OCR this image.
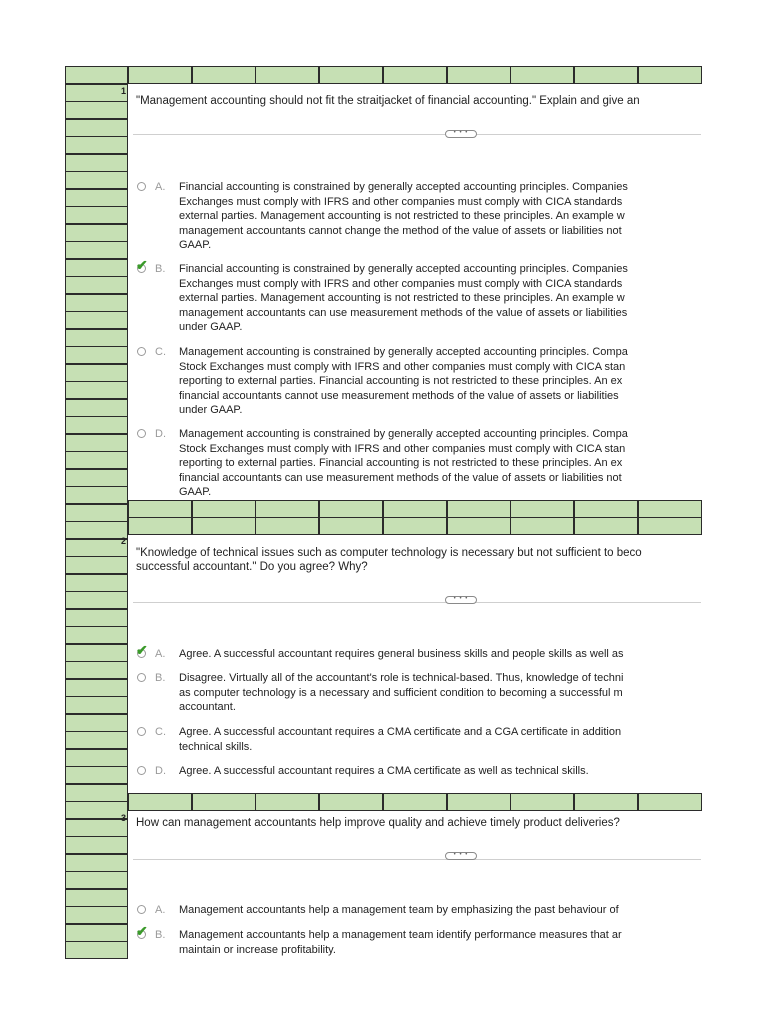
1
"Management accounting should not fit the straitjacket of financial accounting." Explain and give an
• • •
A. Financial accounting is constrained by generally accepted accounting principles. Companies
Exchanges must comply with IFRS and other companies must comply with CICA standards
external parties. Management accounting is not restricted to these principles. An example w
management accountants cannot change the method of the value of assets or liabilities not
GAAP.
✔ B. Financial accounting is constrained by generally accepted accounting principles. Companies
Exchanges must comply with IFRS and other companies must comply with CICA standards
external parties. Management accounting is not restricted to these principles. An example w
management accountants can use measurement methods of the value of assets or liabilities
under GAAP.
C. Management accounting is constrained by generally accepted accounting principles. Compa
Stock Exchanges must comply with IFRS and other companies must comply with CICA stan
reporting to external parties. Financial accounting is not restricted to these principles. An ex
financial accountants cannot use measurement methods of the value of assets or liabilities
under GAAP.
D. Management accounting is constrained by generally accepted accounting principles. Compa
Stock Exchanges must comply with IFRS and other companies must comply with CICA stan
reporting to external parties. Financial accounting is not restricted to these principles. An ex
financial accountants can use measurement methods of the value of assets or liabilities not
GAAP.
2
"Knowledge of technical issues such as computer technology is necessary but not sufficient to beco
successful accountant." Do you agree? Why?
• • •
✔ A. Agree. A successful accountant requires general business skills and people skills as well as
B. Disagree. Virtually all of the accountant's role is technical-based. Thus, knowledge of techni
as computer technology is a necessary and sufficient condition to becoming a successful m
accountant.
C. Agree. A successful accountant requires a CMA certificate and a CGA certificate in addition
technical skills.
D. Agree. A successful accountant requires a CMA certificate as well as technical skills.
3 How can management accountants help improve quality and achieve timely product deliveries?
• • •
A. Management accountants help a management team by emphasizing the past behaviour of
✔ B. Management accountants help a management team identify performance measures that ar
maintain or increase profitability.
